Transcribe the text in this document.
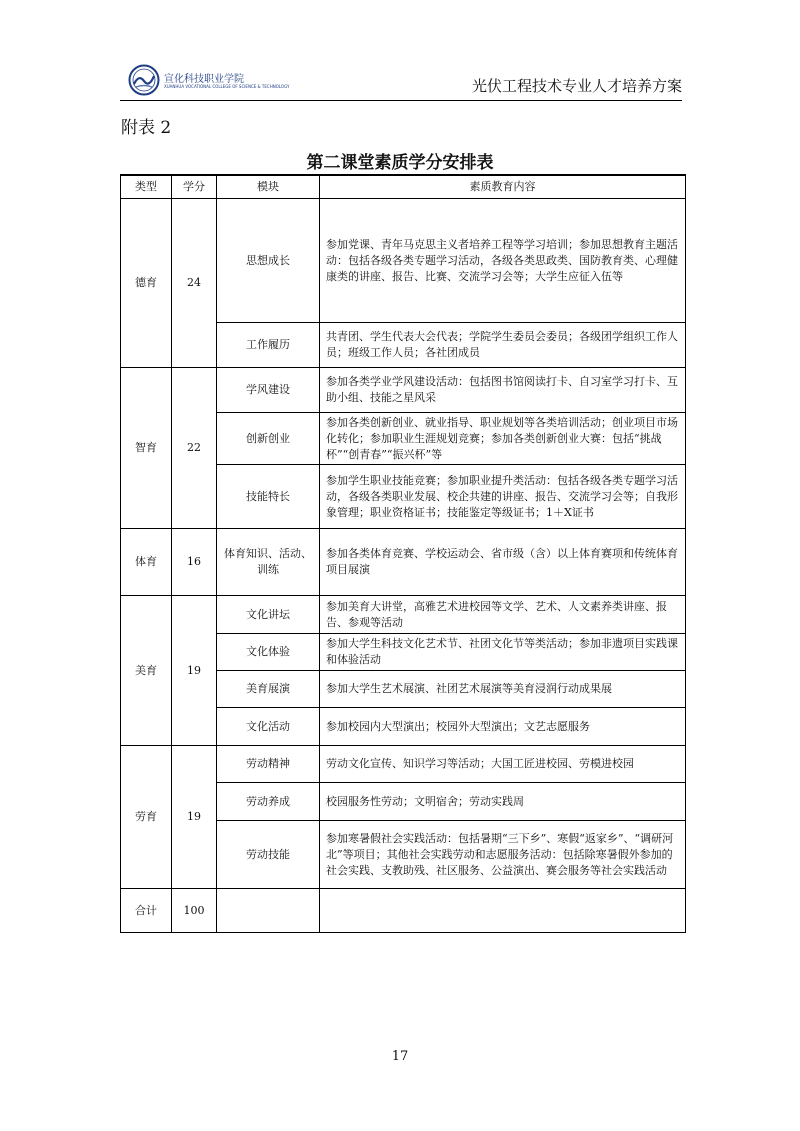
宣化科技职业学院
XUANHUA VOCATIONAL COLLEGE OF SCIENCE & TECHNOLOGY	光伏工程技术专业人才培养方案
附表 2
第二课堂素质学分安排表
类型	学分	模块	素质教育内容
德育	24	思想成长	参加党课、青年马克思主义者培养工程等学习培训；参加思想教育主题活动：包括各级各类专题学习活动，各级各类思政类、国防教育类、心理健康类的讲座、报告、比赛、交流学习会等；大学生应征入伍等
		工作履历	共青团、学生代表大会代表；学院学生委员会委员；各级团学组织工作人员；班级工作人员；各社团成员
智育	22	学风建设	参加各类学业学风建设活动：包括图书馆阅读打卡、自习室学习打卡、互助小组、技能之星风采
		创新创业	参加各类创新创业、就业指导、职业规划等各类培训活动；创业项目市场化转化；参加职业生涯规划竞赛；参加各类创新创业大赛：包括“挑战杯”“创青春”“振兴杯”等
		技能特长	参加学生职业技能竞赛；参加职业提升类活动：包括各级各类专题学习活动，各级各类职业发展、校企共建的讲座、报告、交流学习会等；自我形象管理；职业资格证书；技能鉴定等级证书；1＋X证书
体育	16	体育知识、活动、训练	参加各类体育竞赛、学校运动会、省市级（含）以上体育赛项和传统体育项目展演
美育	19	文化讲坛	参加美育大讲堂，高雅艺术进校园等文学、艺术、人文素养类讲座、报告、参观等活动
		文化体验	参加大学生科技文化艺术节、社团文化节等类活动；参加非遗项目实践课和体验活动
		美育展演	参加大学生艺术展演、社团艺术展演等美育浸润行动成果展
		文化活动	参加校园内大型演出；校园外大型演出；文艺志愿服务
劳育	19	劳动精神	劳动文化宣传、知识学习等活动；大国工匠进校园、劳模进校园
		劳动养成	校园服务性劳动；文明宿舍；劳动实践周
		劳动技能	参加寒暑假社会实践活动：包括暑期“三下乡”、寒假“返家乡”、“调研河北”等项目；其他社会实践劳动和志愿服务活动：包括除寒暑假外参加的社会实践、支教助残、社区服务、公益演出、赛会服务等社会实践活动
合计	100		
17
